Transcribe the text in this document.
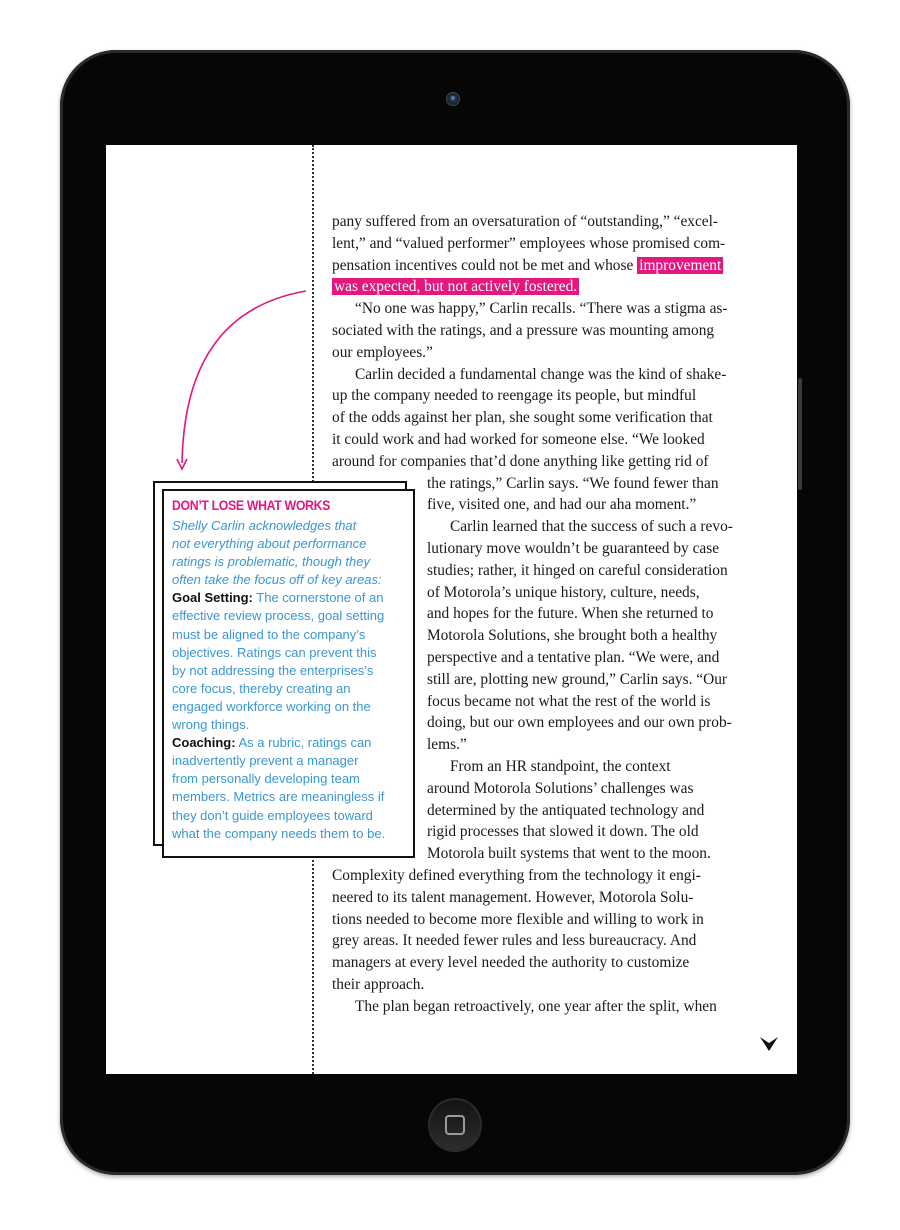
pany suffered from an oversaturation of “outstanding,” “excel-
lent,” and “valued performer” employees whose promised com-
pensation incentives could not be met and whose improvement
was expected, but not actively fostered.
“No one was happy,” Carlin recalls. “There was a stigma as-
sociated with the ratings, and a pressure was mounting among
our employees.”
Carlin decided a fundamental change was the kind of shake-
up the company needed to reengage its people, but mindful
of the odds against her plan, she sought some verification that
it could work and had worked for someone else. “We looked
around for companies that’d done anything like getting rid of
the ratings,” Carlin says. “We found fewer than
five, visited one, and had our aha moment.”
Carlin learned that the success of such a revo-
lutionary move wouldn’t be guaranteed by case
studies; rather, it hinged on careful consideration
of Motorola’s unique history, culture, needs,
and hopes for the future. When she returned to
Motorola Solutions, she brought both a healthy
perspective and a tentative plan. “We were, and
still are, plotting new ground,” Carlin says. “Our
focus became not what the rest of the world is
doing, but our own employees and our own prob-
lems.”
From an HR standpoint, the context
around Motorola Solutions’ challenges was
determined by the antiquated technology and
rigid processes that slowed it down. The old
Motorola built systems that went to the moon.
Complexity defined everything from the technology it engi-
neered to its talent management. However, Motorola Solu-
tions needed to become more flexible and willing to work in
grey areas. It needed fewer rules and less bureaucracy. And
managers at every level needed the authority to customize
their approach.
The plan began retroactively, one year after the split, when
DON’T LOSE WHAT WORKS
Shelly Carlin acknowledges that
not everything about performance
ratings is problematic, though they
often take the focus off of key areas:
Goal Setting: The cornerstone of an
effective review process, goal setting
must be aligned to the company’s
objectives. Ratings can prevent this
by not addressing the enterprises’s
core focus, thereby creating an
engaged workforce working on the
wrong things.
Coaching: As a rubric, ratings can
inadvertently prevent a manager
from personally developing team
members. Metrics are meaningless if
they don’t guide employees toward
what the company needs them to be.
